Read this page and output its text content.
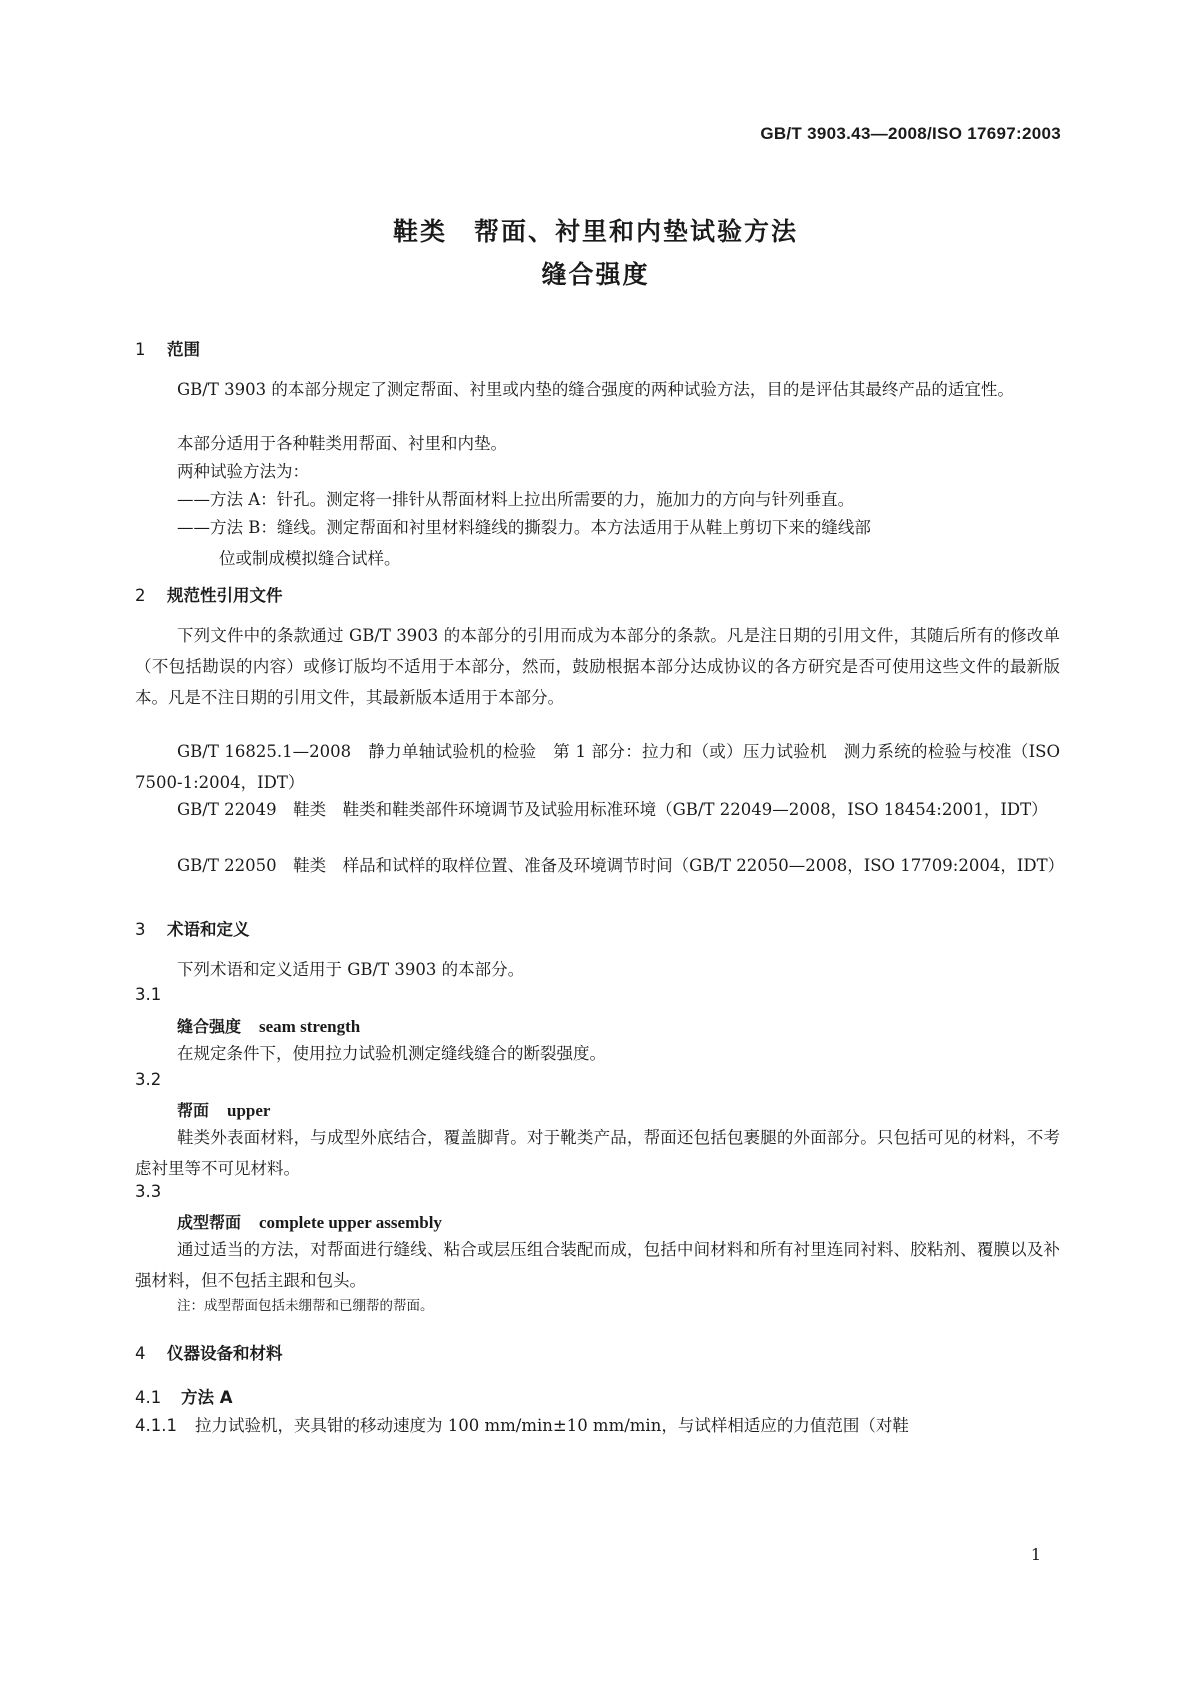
GB/T 3903.43—2008/ISO 17697:2003
鞋类　帮面、衬里和内垫试验方法
缝合强度
1 范围
GB/T 3903 的本部分规定了测定帮面、衬里或内垫的缝合强度的两种试验方法，目的是评估其最终产品的适宜性。
本部分适用于各种鞋类用帮面、衬里和内垫。
两种试验方法为：
——方法 A：针孔。测定将一排针从帮面材料上拉出所需要的力，施加力的方向与针列垂直。
——方法 B：缝线。测定帮面和衬里材料缝线的撕裂力。本方法适用于从鞋上剪切下来的缝线部
位或制成模拟缝合试样。
2 规范性引用文件
下列文件中的条款通过 GB/T 3903 的本部分的引用而成为本部分的条款。凡是注日期的引用文件，其随后所有的修改单（不包括勘误的内容）或修订版均不适用于本部分，然而，鼓励根据本部分达成协议的各方研究是否可使用这些文件的最新版本。凡是不注日期的引用文件，其最新版本适用于本部分。
GB/T 16825.1—2008　静力单轴试验机的检验　第 1 部分：拉力和（或）压力试验机　测力系统的检验与校准（ISO 7500-1:2004，IDT）
GB/T 22049　鞋类　鞋类和鞋类部件环境调节及试验用标准环境（GB/T 22049—2008，ISO 18454:2001，IDT）
GB/T 22050　鞋类　样品和试样的取样位置、准备及环境调节时间（GB/T 22050—2008，ISO 17709:2004，IDT）
3 术语和定义
下列术语和定义适用于 GB/T 3903 的本部分。
3.1
缝合强度 seam strength
在规定条件下，使用拉力试验机测定缝线缝合的断裂强度。
3.2
帮面 upper
鞋类外表面材料，与成型外底结合，覆盖脚背。对于靴类产品，帮面还包括包裹腿的外面部分。只包括可见的材料，不考虑衬里等不可见材料。
3.3
成型帮面 complete upper assembly
通过适当的方法，对帮面进行缝线、粘合或层压组合装配而成，包括中间材料和所有衬里连同衬料、胶粘剂、覆膜以及补强材料，但不包括主跟和包头。
注：成型帮面包括未绷帮和已绷帮的帮面。
4 仪器设备和材料
4.1 方法 A
4.1.1 拉力试验机，夹具钳的移动速度为 100 mm/min±10 mm/min，与试样相适应的力值范围（对鞋
1
